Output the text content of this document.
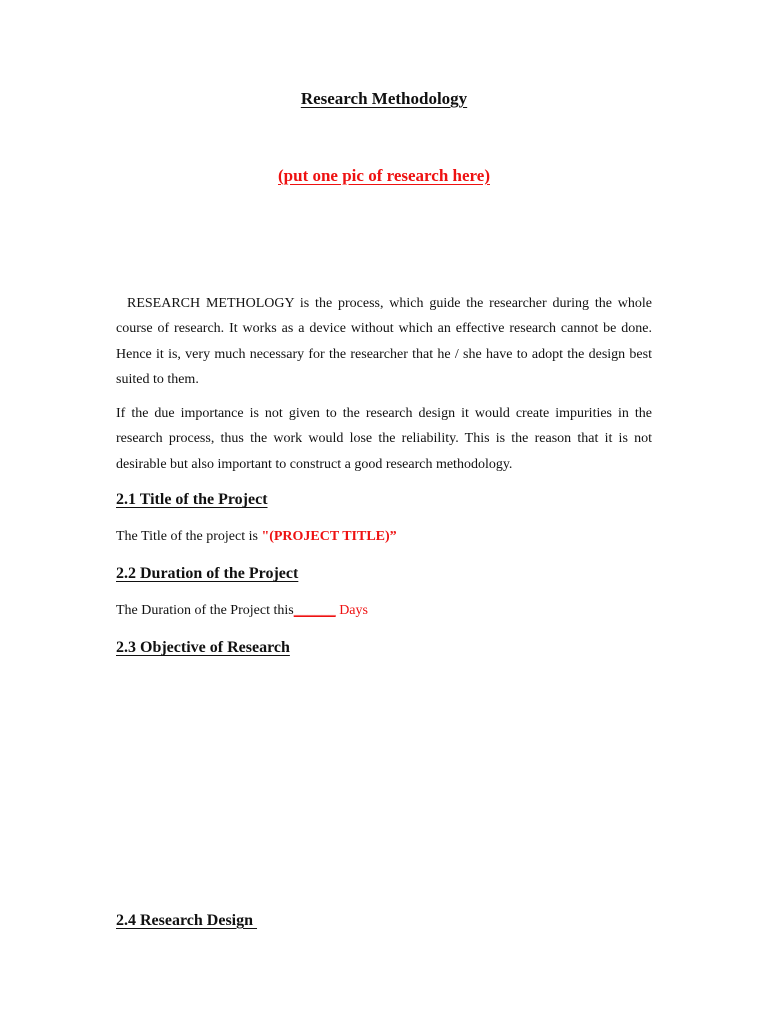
Research Methodology
(put one pic of research here)

RESEARCH METHOLOGY is the process, which guide the researcher during the whole course of research. It works as a device without which an effective research cannot be done. Hence it is, very much necessary for the researcher that he / she have to adopt the design best suited to them.

If the due importance is not given to the research design it would create impurities in the research process, thus the work would lose the reliability. This is the reason that it is not desirable but also important to construct a good research methodology.

2.1 Title of the Project

The Title of the project is "(PROJECT TITLE)”

2.2 Duration of the Project

The Duration of the Project this______ Days

2.3 Objective of Research
2.4 Research Design
